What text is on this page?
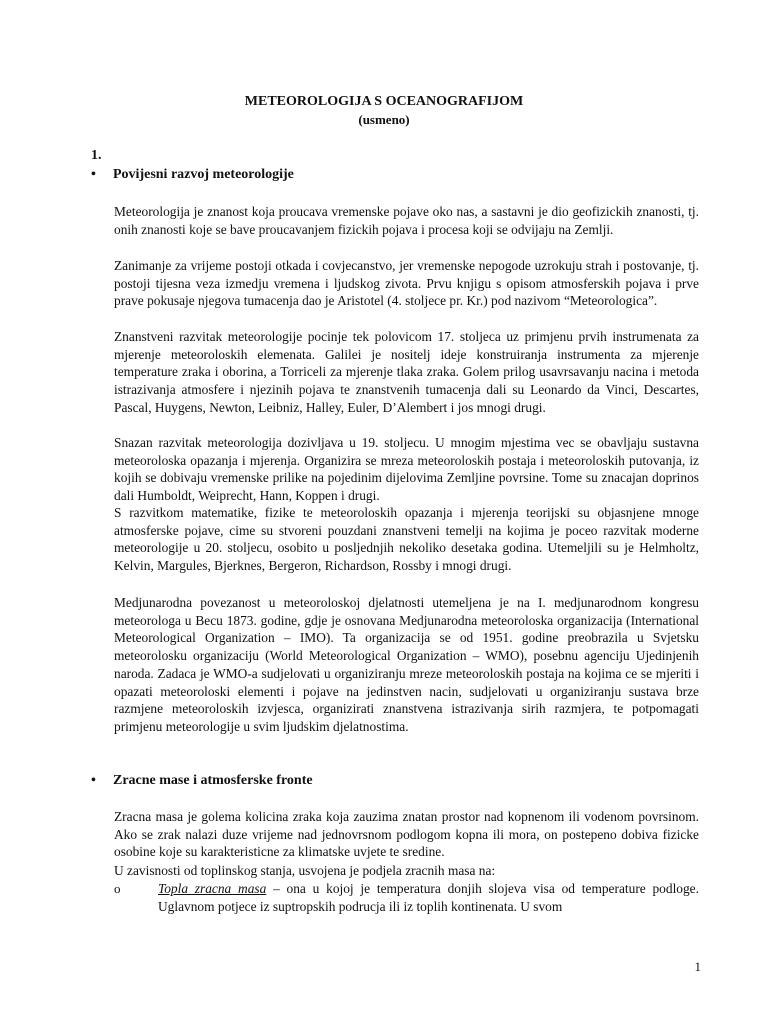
METEOROLOGIJA S OCEANOGRAFIJOM
(usmeno)
1.
•	Povijesni razvoj meteorologije

Meteorologija je znanost koja proucava vremenske pojave oko nas, a sastavni je dio geofizickih znanosti, tj. onih znanosti koje se bave proucavanjem fizickih pojava i procesa koji se odvijaju na Zemlji.

Zanimanje za vrijeme postoji otkada i covjecanstvo, jer vremenske nepogode uzrokuju strah i postovanje, tj. postoji tijesna veza izmedju vremena i ljudskog zivota. Prvu knjigu s opisom atmosferskih pojava i prve prave pokusaje njegova tumacenja dao je Aristotel (4. stoljece pr. Kr.) pod nazivom “Meteorologica”.

Znanstveni razvitak meteorologije pocinje tek polovicom 17. stoljeca uz primjenu prvih instrumenata za mjerenje meteoroloskih elemenata. Galilei je nositelj ideje konstruiranja instrumenta za mjerenje temperature zraka i oborina, a Torriceli za mjerenje tlaka zraka. Golem prilog usavrsavanju nacina i metoda istrazivanja atmosfere i njezinih pojava te znanstvenih tumacenja dali su Leonardo da Vinci, Descartes, Pascal, Huygens, Newton, Leibniz, Halley, Euler, D’Alembert i jos mnogi drugi.

Snazan razvitak meteorologija dozivljava u 19. stoljecu. U mnogim mjestima vec se obavljaju sustavna meteoroloska opazanja i mjerenja. Organizira se mreza meteoroloskih postaja i meteoroloskih putovanja, iz kojih se dobivaju vremenske prilike na pojedinim dijelovima Zemljine povrsine. Tome su znacajan doprinos dali Humboldt, Weiprecht, Hann, Koppen i drugi.

S razvitkom matematike, fizike te meteoroloskih opazanja i mjerenja teorijski su objasnjene mnoge atmosferske pojave, cime su stvoreni pouzdani znanstveni temelji na kojima je poceo razvitak moderne meteorologije u 20. stoljecu, osobito u posljednjih nekoliko desetaka godina. Utemeljili su je Helmholtz, Kelvin, Margules, Bjerknes, Bergeron, Richardson, Rossby i mnogi drugi.

Medjunarodna povezanost u meteoroloskoj djelatnosti utemeljena je na I. medjunarodnom kongresu meteorologa u Becu 1873. godine, gdje je osnovana Medjunarodna meteoroloska organizacija (International Meteorological Organization – IMO). Ta organizacija se od 1951. godine preobrazila u Svjetsku meteorolosku organizaciju (World Meteorological Organization – WMO), posebnu agenciju Ujedinjenih naroda. Zadaca je WMO-a sudjelovati u organiziranju mreze meteoroloskih postaja na kojima ce se mjeriti i opazati meteoroloski elementi i pojave na jedinstven nacin, sudjelovati u organiziranju sustava brze razmjene meteoroloskih izvjesca, organizirati znanstvena istrazivanja sirih razmjera, te potpomagati primjenu meteorologije u svim ljudskim djelatnostima.

•	Zracne mase i atmosferske fronte

Zracna masa je golema kolicina zraka koja zauzima znatan prostor nad kopnenom ili vodenom povrsinom. Ako se zrak nalazi duze vrijeme nad jednovrsnom podlogom kopna ili mora, on postepeno dobiva fizicke osobine koje su karakteristicne za klimatske uvjete te sredine.

U zavisnosti od toplinskog stanja, usvojena je podjela zracnih masa na:

o	Topla zracna masa – ona u kojoj je temperatura donjih slojeva visa od temperature podloge. Uglavnom potjece iz suptropskih podrucja ili iz toplih kontinenata. U svom
1
